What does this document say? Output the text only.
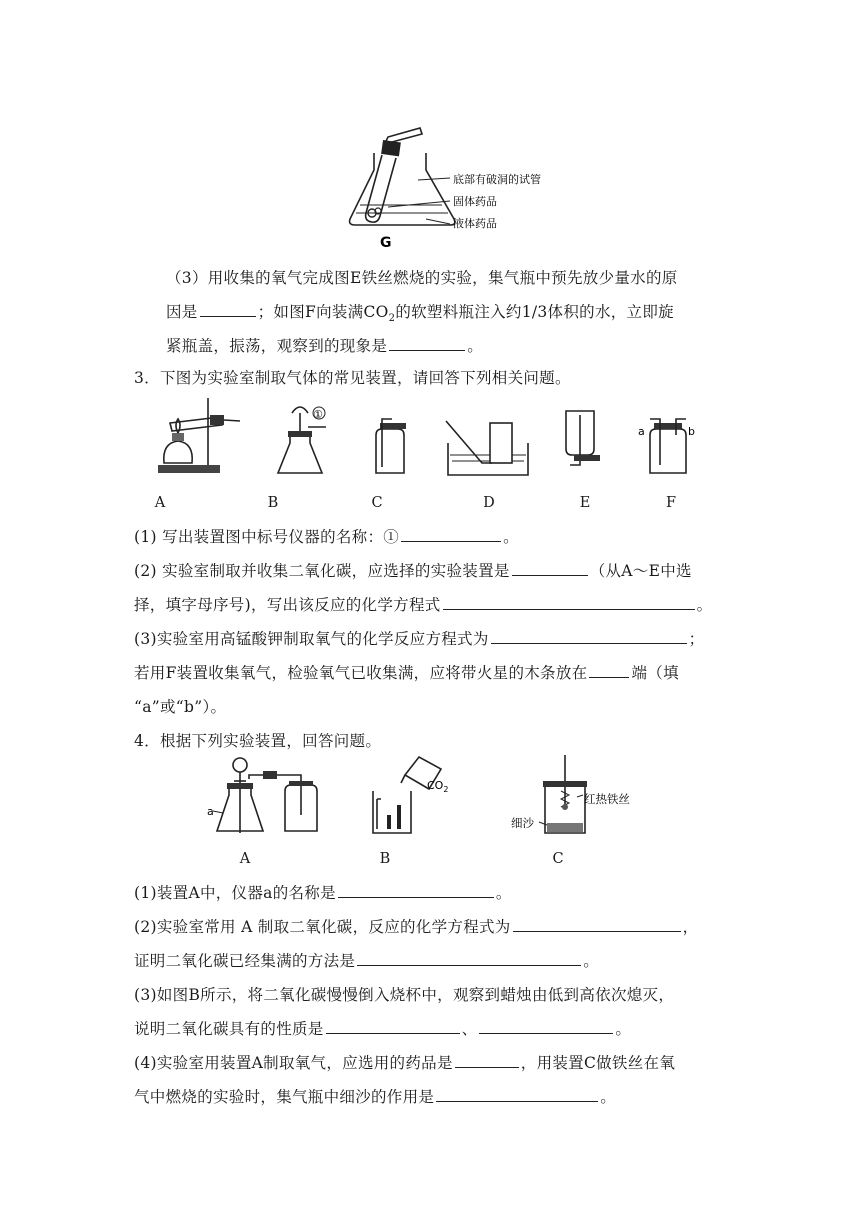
底部有破洞的试管
固体药品
液体药品
G
（3）用收集的氧气完成图E铁丝燃烧的实验，集气瓶中预先放少量水的原
因是	；如图F向装满$CO_2$的软塑料瓶注入约1/3体积的水，立即旋
紧瓶盖，振荡，观察到的现象是	。
3．下图为实验室制取气体的常见装置，请回答下列相关问题。
①
a	b
A	B	C	D	E	F
(1) 写出装置图中标号仪器的名称：①	。
(2) 实验室制取并收集二氧化碳，应选择的实验装置是	（从A～E中选
择，填字母序号)，写出该反应的化学方程式	。
(3)实验室用高锰酸钾制取氧气的化学反应方程式为	；
若用F装置收集氧气，检验氧气已收集满，应将带火星的木条放在	端（填
“a”或“b”）。
4．根据下列实验装置，回答问题。
a
$CO_2$
红热铁丝
细沙
A	B	C
(1)装置A中，仪器a的名称是	。
(2)实验室常用 A 制取二氧化碳，反应的化学方程式为	，
证明二氧化碳已经集满的方法是	。
(3)如图B所示，将二氧化碳慢慢倒入烧杯中，观察到蜡烛由低到高依次熄灭，
说明二氧化碳具有的性质是	、	。
(4)实验室用装置A制取氧气，应选用的药品是	，用装置C做铁丝在氧
气中燃烧的实验时，集气瓶中细沙的作用是	。
